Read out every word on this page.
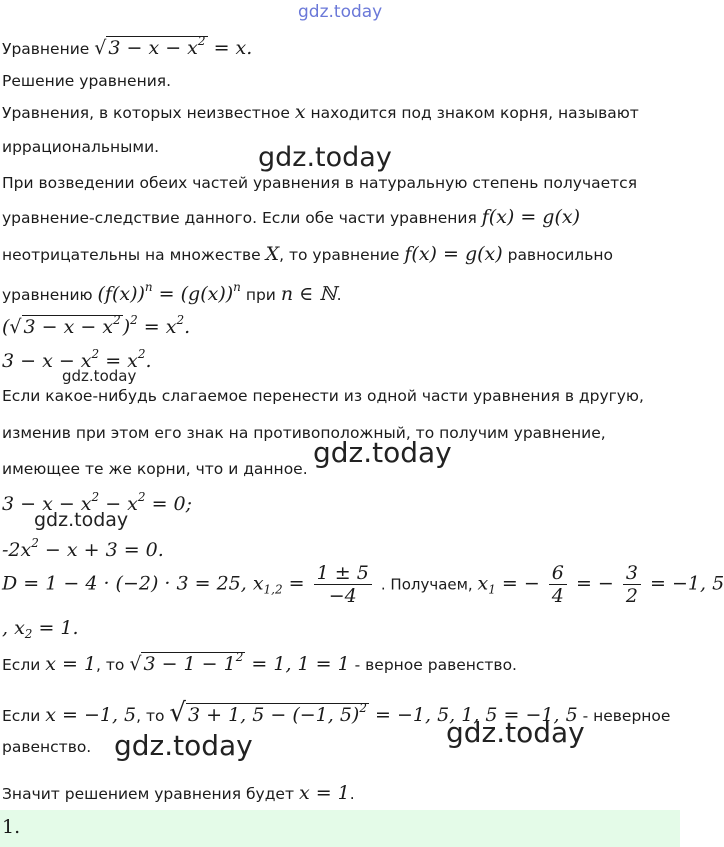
gdz.today
Уравнение √ $3 - x - x^2 = x$.
Решение уравнения.
Уравнения, в которых неизвестное x находится под знаком корня, называют
иррациональными.	gdz.today
При возведении обеих частей уравнения в натуральную степень получается
уравнение-следствие данного. Если обе части уравнения f(x) = g(x)
неотрицательны на множестве X, то уравнение f(x) = g(x) равносильно
уравнению $(f(x))^n = (g(x))^n$ при n ∈ ℕ.
(√ $3 - x - x^2$ )$^2 = x^2$.
$3 - x - x^2 = x^2$.
gdz.today
Если какое-нибудь слагаемое перенести из одной части уравнения в другую,
изменив при этом его знак на противоположный, то получим уравнение,
имеющее те же корни, что и данное. gdz.today
$3 - x - x^2 - x^2 = 0$;
gdz.today
$-2x^2 - x + 3 = 0$.
D = 1 − 4 · (−2) · 3 = 25, $x_{1,2} = \frac{1 \pm 5}{-4}$ . Получаем, $x_1$ = − $\frac{6}{4}$ = − $\frac{3}{2} = -1$, 5
, $x_2 = 1$.
Если x = 1, то √ $3 - 1 - 1^2 = 1$, 1 = 1 - верное равенство.
Если x = −1, 5, то √ 3 + 1, 5 − (−1, 5)$^2$ = −1, 5, 1, 5 = −1, 5 - неверное
равенство.	gdz.today
gdz.today
Значит решением уравнения будет x = 1.
1.
